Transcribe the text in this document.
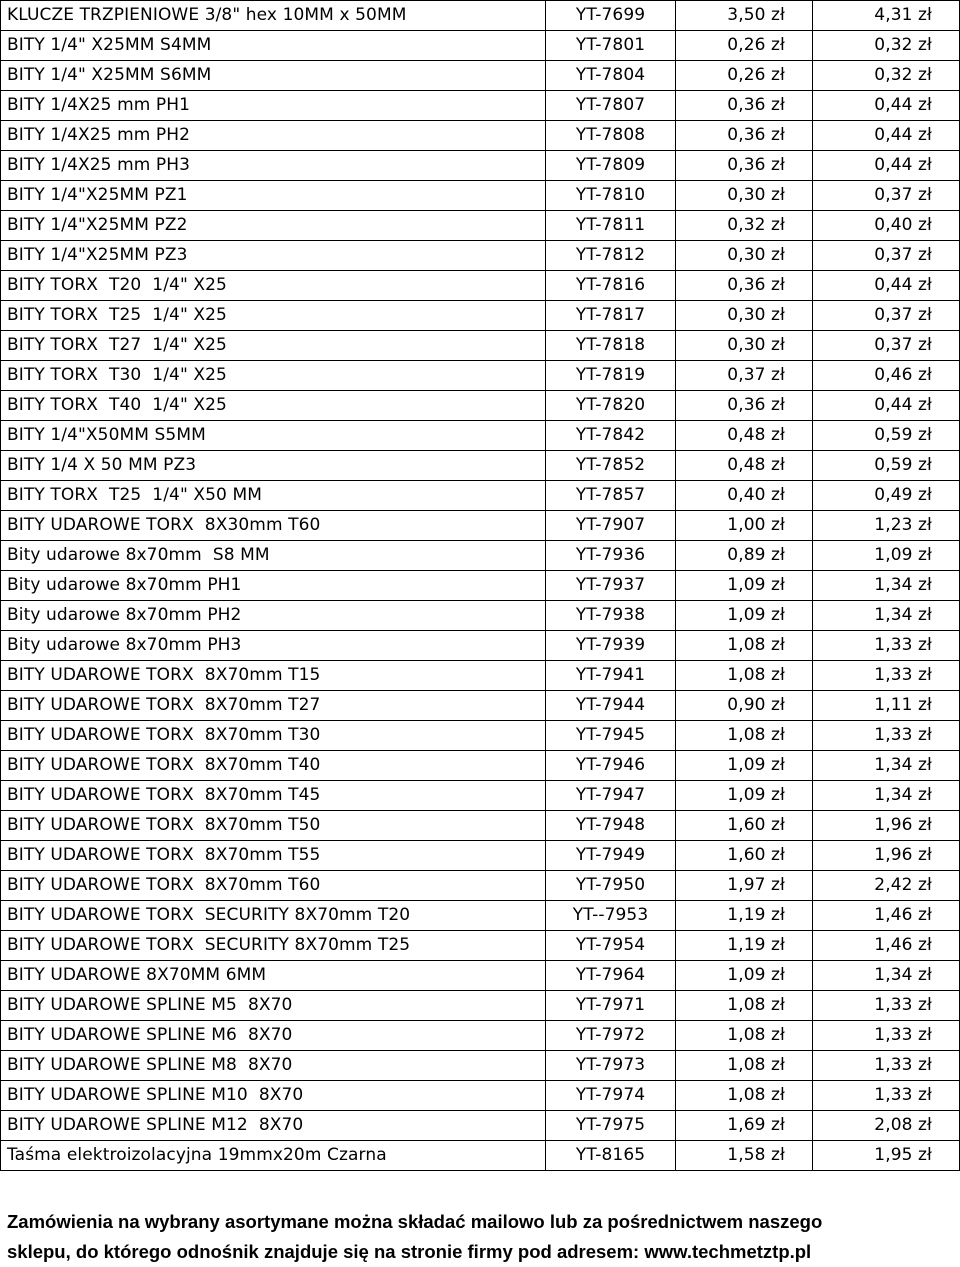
KLUCZE TRZPIENIOWE 3/8" hex 10MM x 50MM	YT-7699	3,50 zł	4,31 zł
BITY 1/4" X25MM S4MM	YT-7801	0,26 zł	0,32 zł
BITY 1/4" X25MM S6MM	YT-7804	0,26 zł	0,32 zł
BITY 1/4X25 mm PH1	YT-7807	0,36 zł	0,44 zł
BITY 1/4X25 mm PH2	YT-7808	0,36 zł	0,44 zł
BITY 1/4X25 mm PH3	YT-7809	0,36 zł	0,44 zł
BITY 1/4"X25MM PZ1	YT-7810	0,30 zł	0,37 zł
BITY 1/4"X25MM PZ2	YT-7811	0,32 zł	0,40 zł
BITY 1/4"X25MM PZ3	YT-7812	0,30 zł	0,37 zł
BITY TORX  T20  1/4" X25	YT-7816	0,36 zł	0,44 zł
BITY TORX  T25  1/4" X25	YT-7817	0,30 zł	0,37 zł
BITY TORX  T27  1/4" X25	YT-7818	0,30 zł	0,37 zł
BITY TORX  T30  1/4" X25	YT-7819	0,37 zł	0,46 zł
BITY TORX  T40  1/4" X25	YT-7820	0,36 zł	0,44 zł
BITY 1/4"X50MM S5MM	YT-7842	0,48 zł	0,59 zł
BITY 1/4 X 50 MM PZ3	YT-7852	0,48 zł	0,59 zł
BITY TORX  T25  1/4" X50 MM	YT-7857	0,40 zł	0,49 zł
BITY UDAROWE TORX  8X30mm T60	YT-7907	1,00 zł	1,23 zł
Bity udarowe 8x70mm  S8 MM	YT-7936	0,89 zł	1,09 zł
Bity udarowe 8x70mm PH1	YT-7937	1,09 zł	1,34 zł
Bity udarowe 8x70mm PH2	YT-7938	1,09 zł	1,34 zł
Bity udarowe 8x70mm PH3	YT-7939	1,08 zł	1,33 zł
BITY UDAROWE TORX  8X70mm T15	YT-7941	1,08 zł	1,33 zł
BITY UDAROWE TORX  8X70mm T27	YT-7944	0,90 zł	1,11 zł
BITY UDAROWE TORX  8X70mm T30	YT-7945	1,08 zł	1,33 zł
BITY UDAROWE TORX  8X70mm T40	YT-7946	1,09 zł	1,34 zł
BITY UDAROWE TORX  8X70mm T45	YT-7947	1,09 zł	1,34 zł
BITY UDAROWE TORX  8X70mm T50	YT-7948	1,60 zł	1,96 zł
BITY UDAROWE TORX  8X70mm T55	YT-7949	1,60 zł	1,96 zł
BITY UDAROWE TORX  8X70mm T60	YT-7950	1,97 zł	2,42 zł
BITY UDAROWE TORX  SECURITY 8X70mm T20	YT--7953	1,19 zł	1,46 zł
BITY UDAROWE TORX  SECURITY 8X70mm T25	YT-7954	1,19 zł	1,46 zł
BITY UDAROWE 8X70MM 6MM	YT-7964	1,09 zł	1,34 zł
BITY UDAROWE SPLINE M5  8X70	YT-7971	1,08 zł	1,33 zł
BITY UDAROWE SPLINE M6  8X70	YT-7972	1,08 zł	1,33 zł
BITY UDAROWE SPLINE M8  8X70	YT-7973	1,08 zł	1,33 zł
BITY UDAROWE SPLINE M10  8X70	YT-7974	1,08 zł	1,33 zł
BITY UDAROWE SPLINE M12  8X70	YT-7975	1,69 zł	2,08 zł
Taśma elektroizolacyjna 19mmx20m Czarna	YT-8165	1,58 zł	1,95 zł

Zamówienia na wybrany asortymane można składać mailowo lub za pośrednictwem naszego

sklepu, do którego odnośnik znajduje się na stronie firmy pod adresem: www.techmetztp.pl
